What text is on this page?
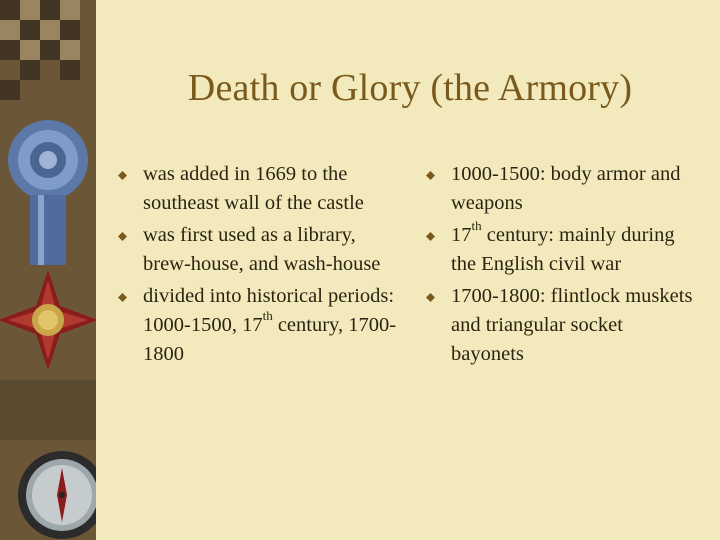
Death or Glory (the Armory)
was added in 1669 to the southeast wall of the castle
was first used as a library, brew-house, and wash-house
divided into historical periods: 1000-1500, 17th century, 1700-1800
1000-1500: body armor and weapons
17th century: mainly during the English civil war
1700-1800: flintlock muskets and triangular socket bayonets
